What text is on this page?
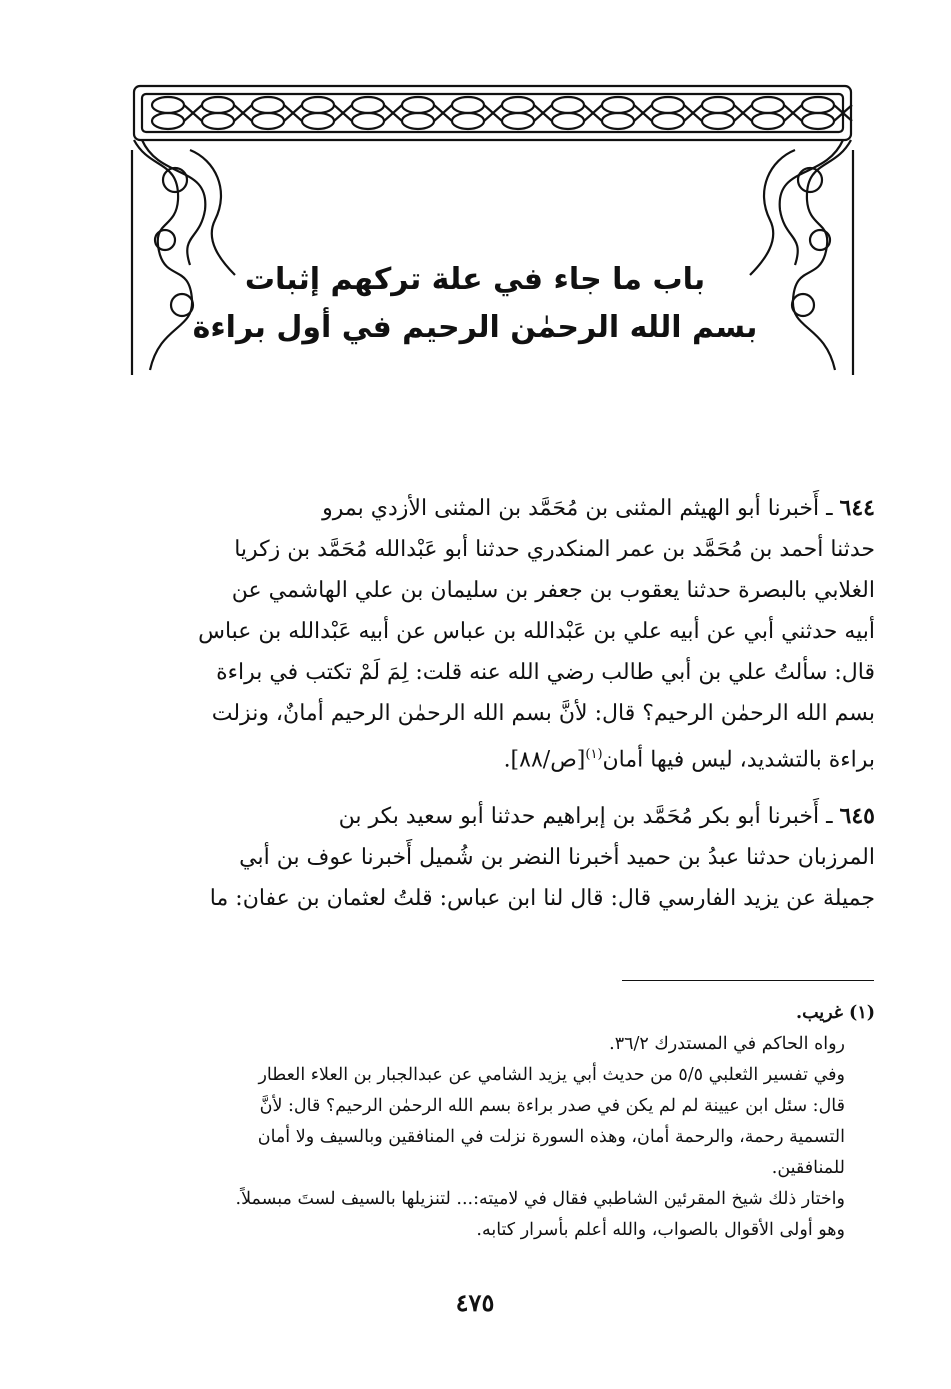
باب ما جاء في علة تركهم إثبات
بسم الله الرحمٰن الرحيم في أول براءة
٦٤٤ ـ أَخبرنا أبو الهيثم المثنى بن مُحَمَّد بن المثنى الأزدي بمرو
حدثنا أحمد بن مُحَمَّد بن عمر المنكدري حدثنا أبو عَبْدالله مُحَمَّد بن زكريا
الغلابي بالبصرة حدثنا يعقوب بن جعفر بن سليمان بن علي الهاشمي عن
أبيه حدثني أبي عن أبيه علي بن عَبْدالله بن عباس عن أبيه عَبْدالله بن عباس
قال: سألتُ علي بن أبي طالب رضي الله عنه قلت: لِمَ لَمْ تكتب في براءة
بسم الله الرحمٰن الرحيم؟ قال: لأنَّ بسم الله الرحمٰن الرحيم أمانٌ، ونزلت
براءة بالتشديد، ليس فيها أمان$^{(١)}$[ص/٨٨].
٦٤٥ ـ أَخبرنا أبو بكر مُحَمَّد بن إبراهيم حدثنا أبو سعيد بكر بن
المرزبان حدثنا عبدُ بن حميد أخبرنا النضر بن شُميل أَخبرنا عوف بن أبي
جميلة عن يزيد الفارسي قال: قال لنا ابن عباس: قلتُ لعثمان بن عفان: ما
(١) غريب.
رواه الحاكم في المستدرك ٣٦/٢.
وفي تفسير الثعلبي ٥/٥ من حديث أبي يزيد الشامي عن عبدالجبار بن العلاء العطار
قال: سئل ابن عيينة لم لم يكن في صدر براءة بسم الله الرحمٰن الرحيم؟ قال: لأنَّ
التسمية رحمة، والرحمة أمان، وهذه السورة نزلت في المنافقين وبالسيف ولا أمان
للمنافقين.
واختار ذلك شيخ المقرئين الشاطبي فقال في لاميته:... لتنزيلها بالسيف لستَ مبسملاً.
وهو أولى الأقوال بالصواب، والله أعلم بأسرار كتابه.
٤٧٥
